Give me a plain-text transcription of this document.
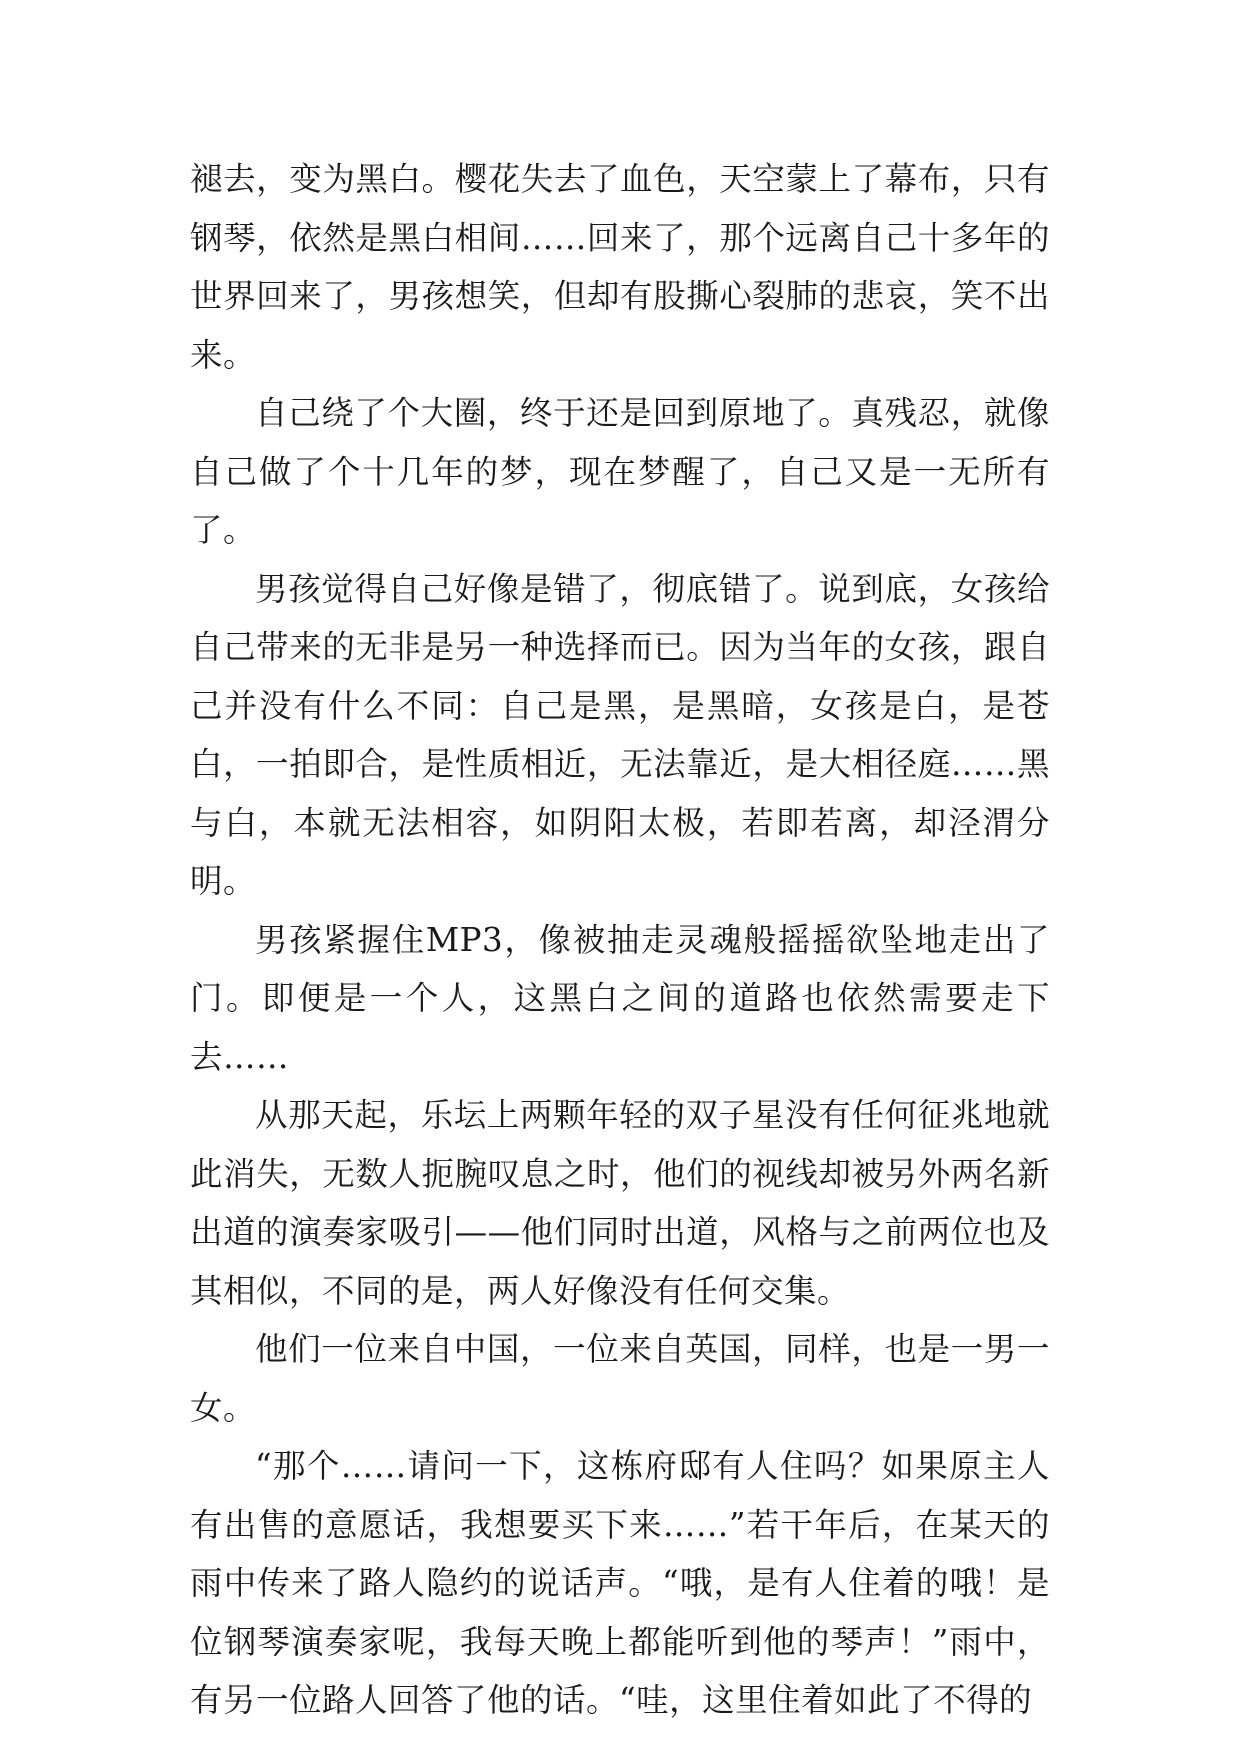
褪去，变为黑白。樱花失去了血色，天空蒙上了幕布，只有钢琴，依然是黑白相间……回来了，那个远离自己十多年的世界回来了，男孩想笑，但却有股撕心裂肺的悲哀，笑不出来。

自己绕了个大圈，终于还是回到原地了。真残忍，就像自己做了个十几年的梦，现在梦醒了，自己又是一无所有了。

男孩觉得自己好像是错了，彻底错了。说到底，女孩给自己带来的无非是另一种选择而已。因为当年的女孩，跟自己并没有什么不同：自己是黑，是黑暗，女孩是白，是苍白，一拍即合，是性质相近，无法靠近，是大相径庭……黑与白，本就无法相容，如阴阳太极，若即若离，却泾渭分明。

男孩紧握住MP3，像被抽走灵魂般摇摇欲坠地走出了门。即便是一个人，这黑白之间的道路也依然需要走下去……

从那天起，乐坛上两颗年轻的双子星没有任何征兆地就此消失，无数人扼腕叹息之时，他们的视线却被另外两名新出道的演奏家吸引——他们同时出道，风格与之前两位也及其相似，不同的是，两人好像没有任何交集。

他们一位来自中国，一位来自英国，同样，也是一男一女。

“那个……请问一下，这栋府邸有人住吗？如果原主人有出售的意愿话，我想要买下来……”若干年后，在某天的雨中传来了路人隐约的说话声。“哦，是有人住着的哦！是位钢琴演奏家呢，我每天晚上都能听到他的琴声！”雨中，有另一位路人回答了他的话。“哇，这里住着如此了不得的
